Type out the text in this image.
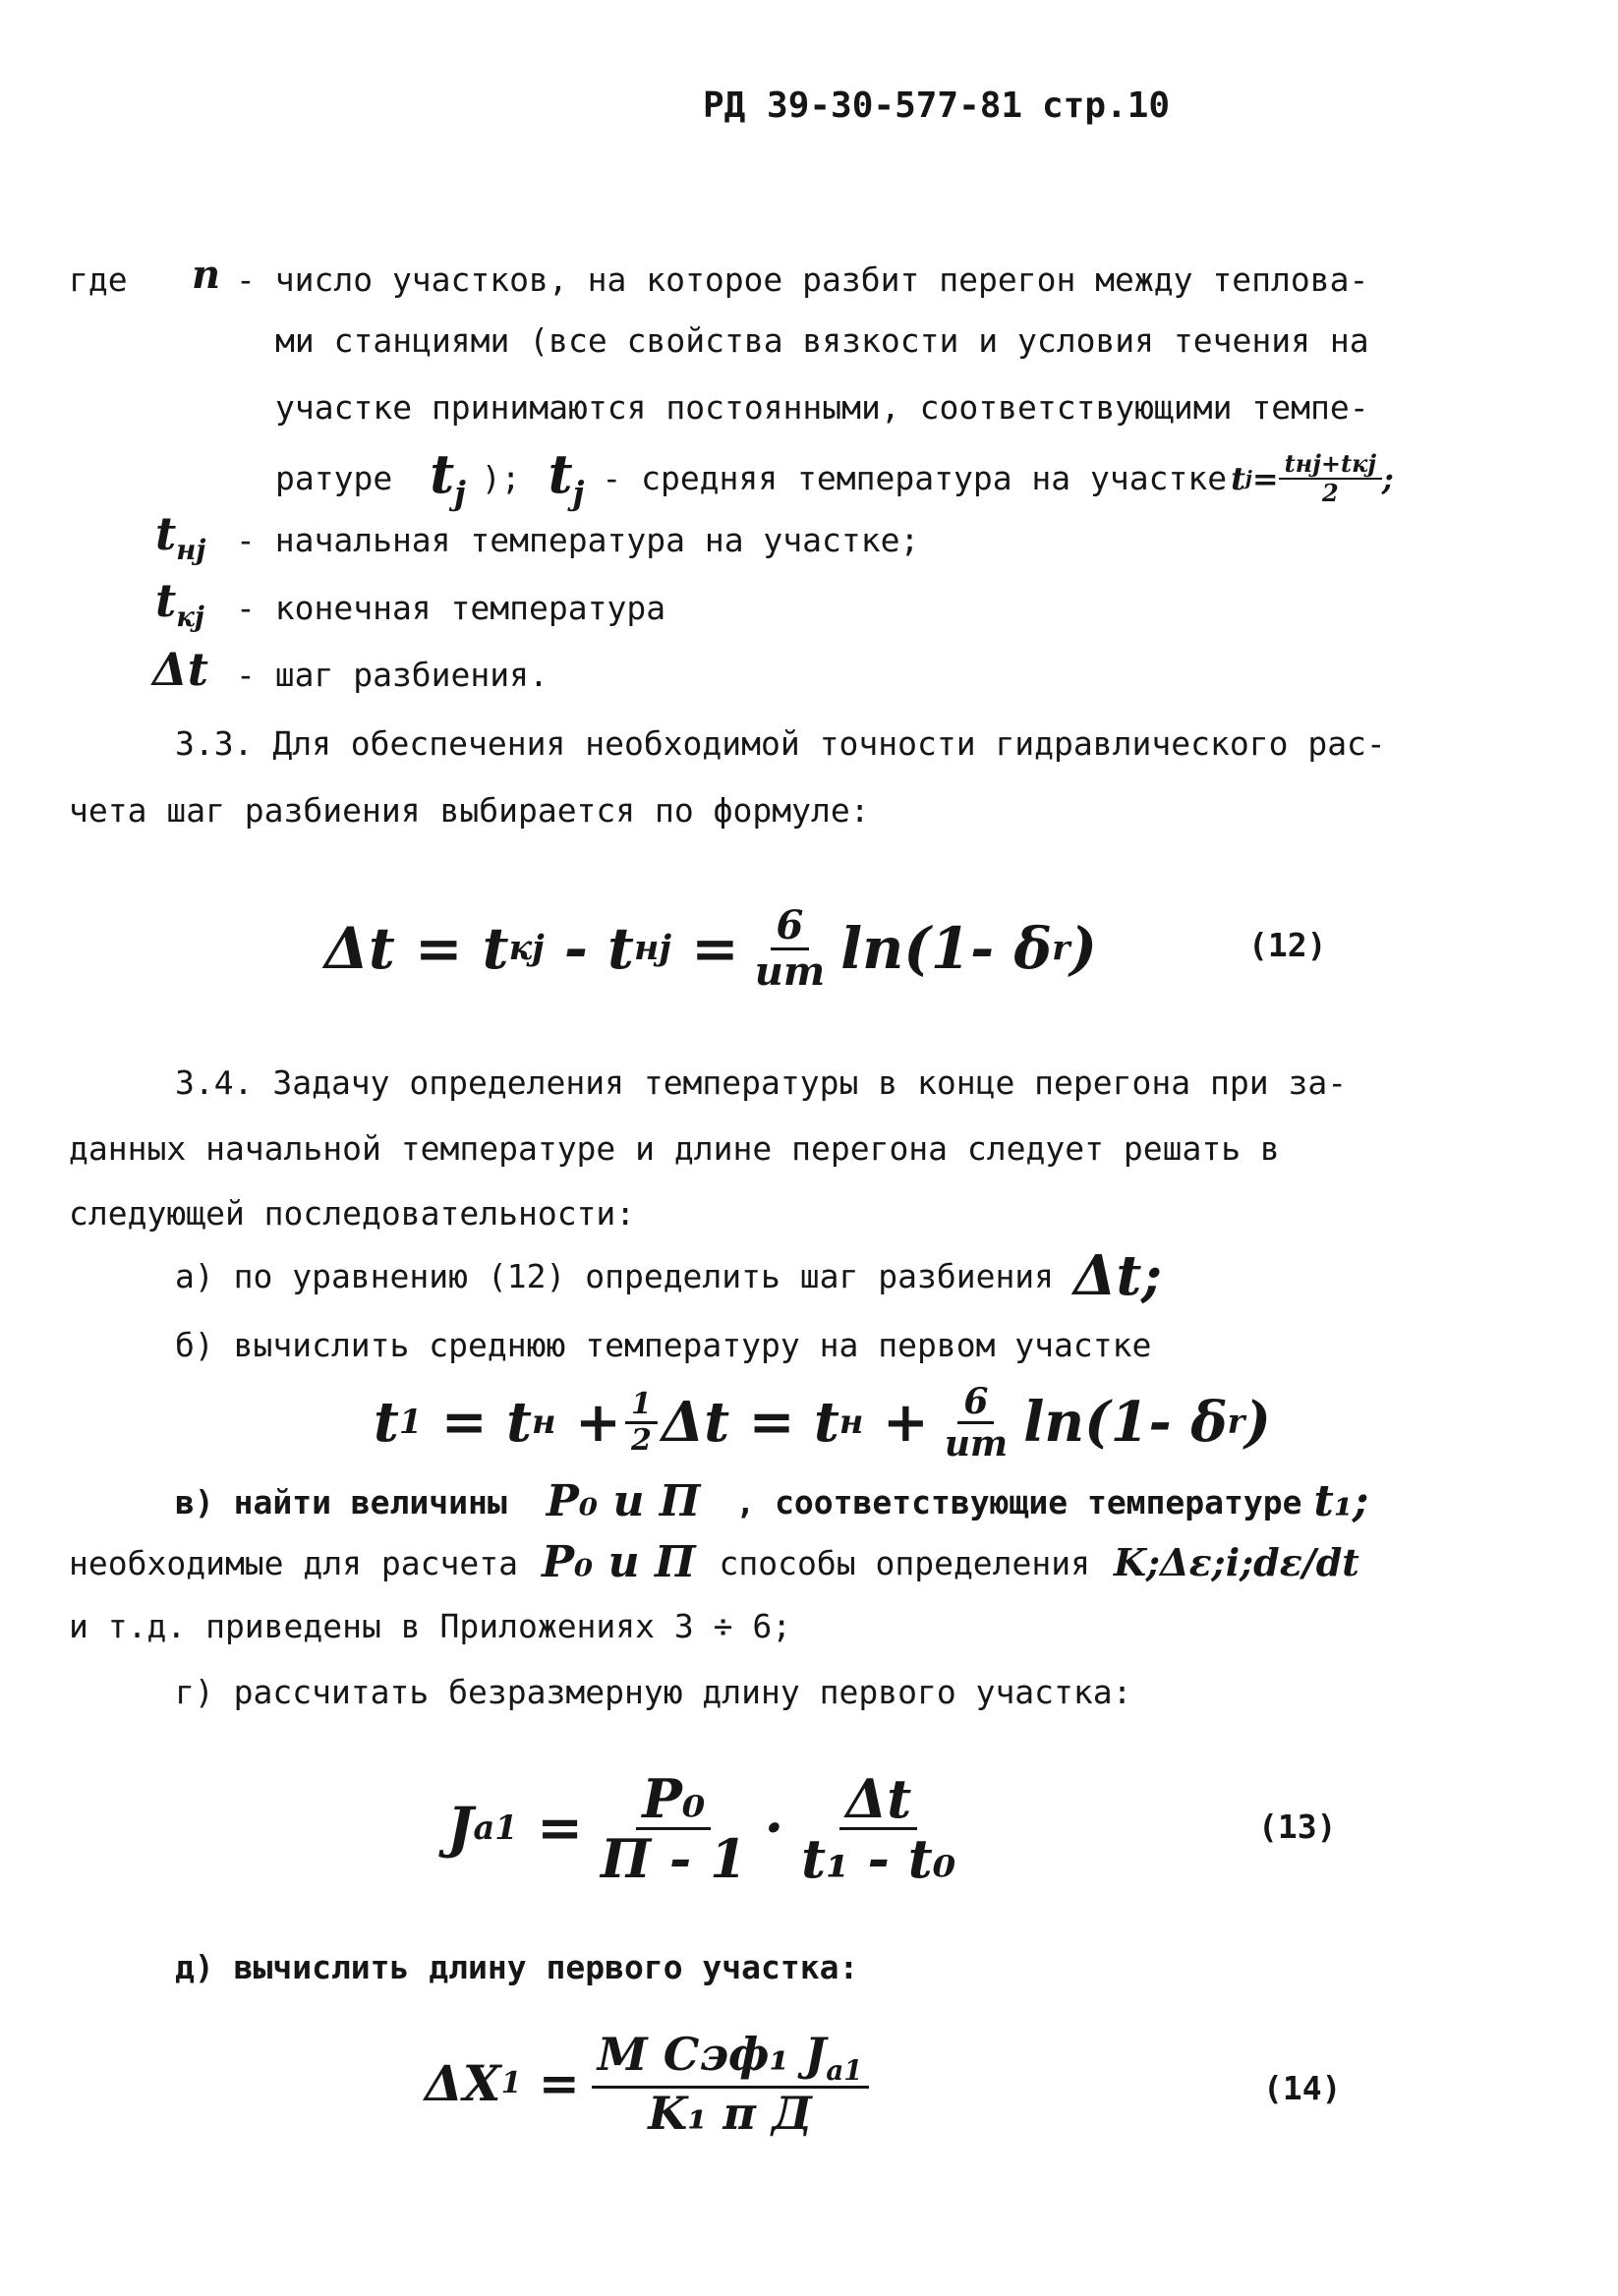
РД 39-30-577-81 стр.10
где n - число участков, на которое разбит перегон между теплова-
ми станциями (все свойства вязкости и условия течения на
участке принимаются постоянными, соответствующими темпе-
ратуре $t_j$ ); $t_j$ - средняя температура на участке t $j = \frac{\text{tнj+tкj}}{2}$ ;
$t_{нj}$ - начальная температура на участке;
$t_{кj}$ - конечная температура
Δt - шаг разбиения.
3.3. Для обеспечения необходимой точности гидравлического рас-
чета шаг разбиения выбирается по формуле:
Δt = t кj - t нj = $\frac{6}{um} \ln(1-$ δ r )	(12)
3.4. Задачу определения температуры в конце перегона при за-
данных начальной температуре и длине перегона следует решать в
следующей последовательности:
а) по уравнению (12) определить шаг разбиения Δt;
б) вычислить среднюю температуру на первом участке
t 1 = t $н + \frac{1}{2}$ Δt = t $н + \frac{6}{um} \ln(1-$ δ r )
в) найти величины P₀ и П , соответствующие температуре t₁;
необходимые для расчета P₀ и П способы определения K;Δε;i;dε/dt
и т.д. приведены в Приложениях 3 ÷ 6;
г) рассчитать безразмерную длину первого участка:
J $a1 = \frac{\text{P₀}}{П - 1} \cdot \frac{\Delta t}{\text{t₁ - t₀}}$	(13)
д) вычислить длину первого участка:
ΔX $1 = \frac{M Cэф_1 J_{a1}}{\text{K₁ π Д}}$	(14)
